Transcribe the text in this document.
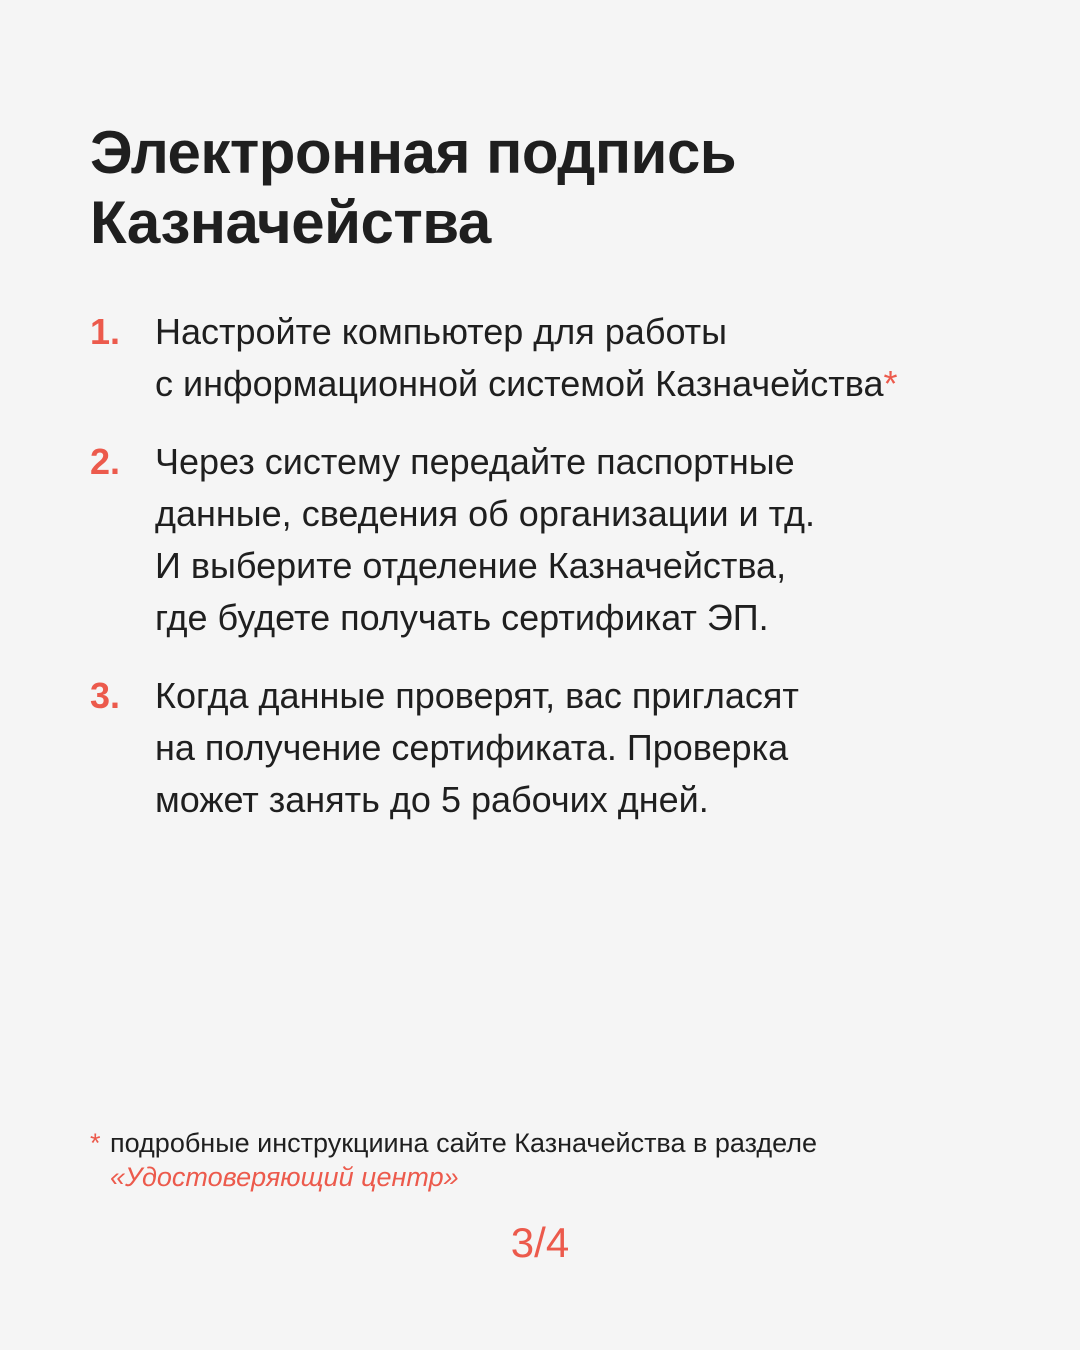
Электронная подпись
Казначейства
1. Настройте компьютер для работы
с информационной системой Казначейства*
2. Через систему передайте паспортные
данные, сведения об организации и тд.
И выберите отделение Казначейства,
где будете получать сертификат ЭП.
3. Когда данные проверят, вас пригласят
на получение сертификата. Проверка
может занять до 5 рабочих дней.
* подробные инструкциина сайте Казначейства в разделе
«Удостоверяющий центр»
3/4
